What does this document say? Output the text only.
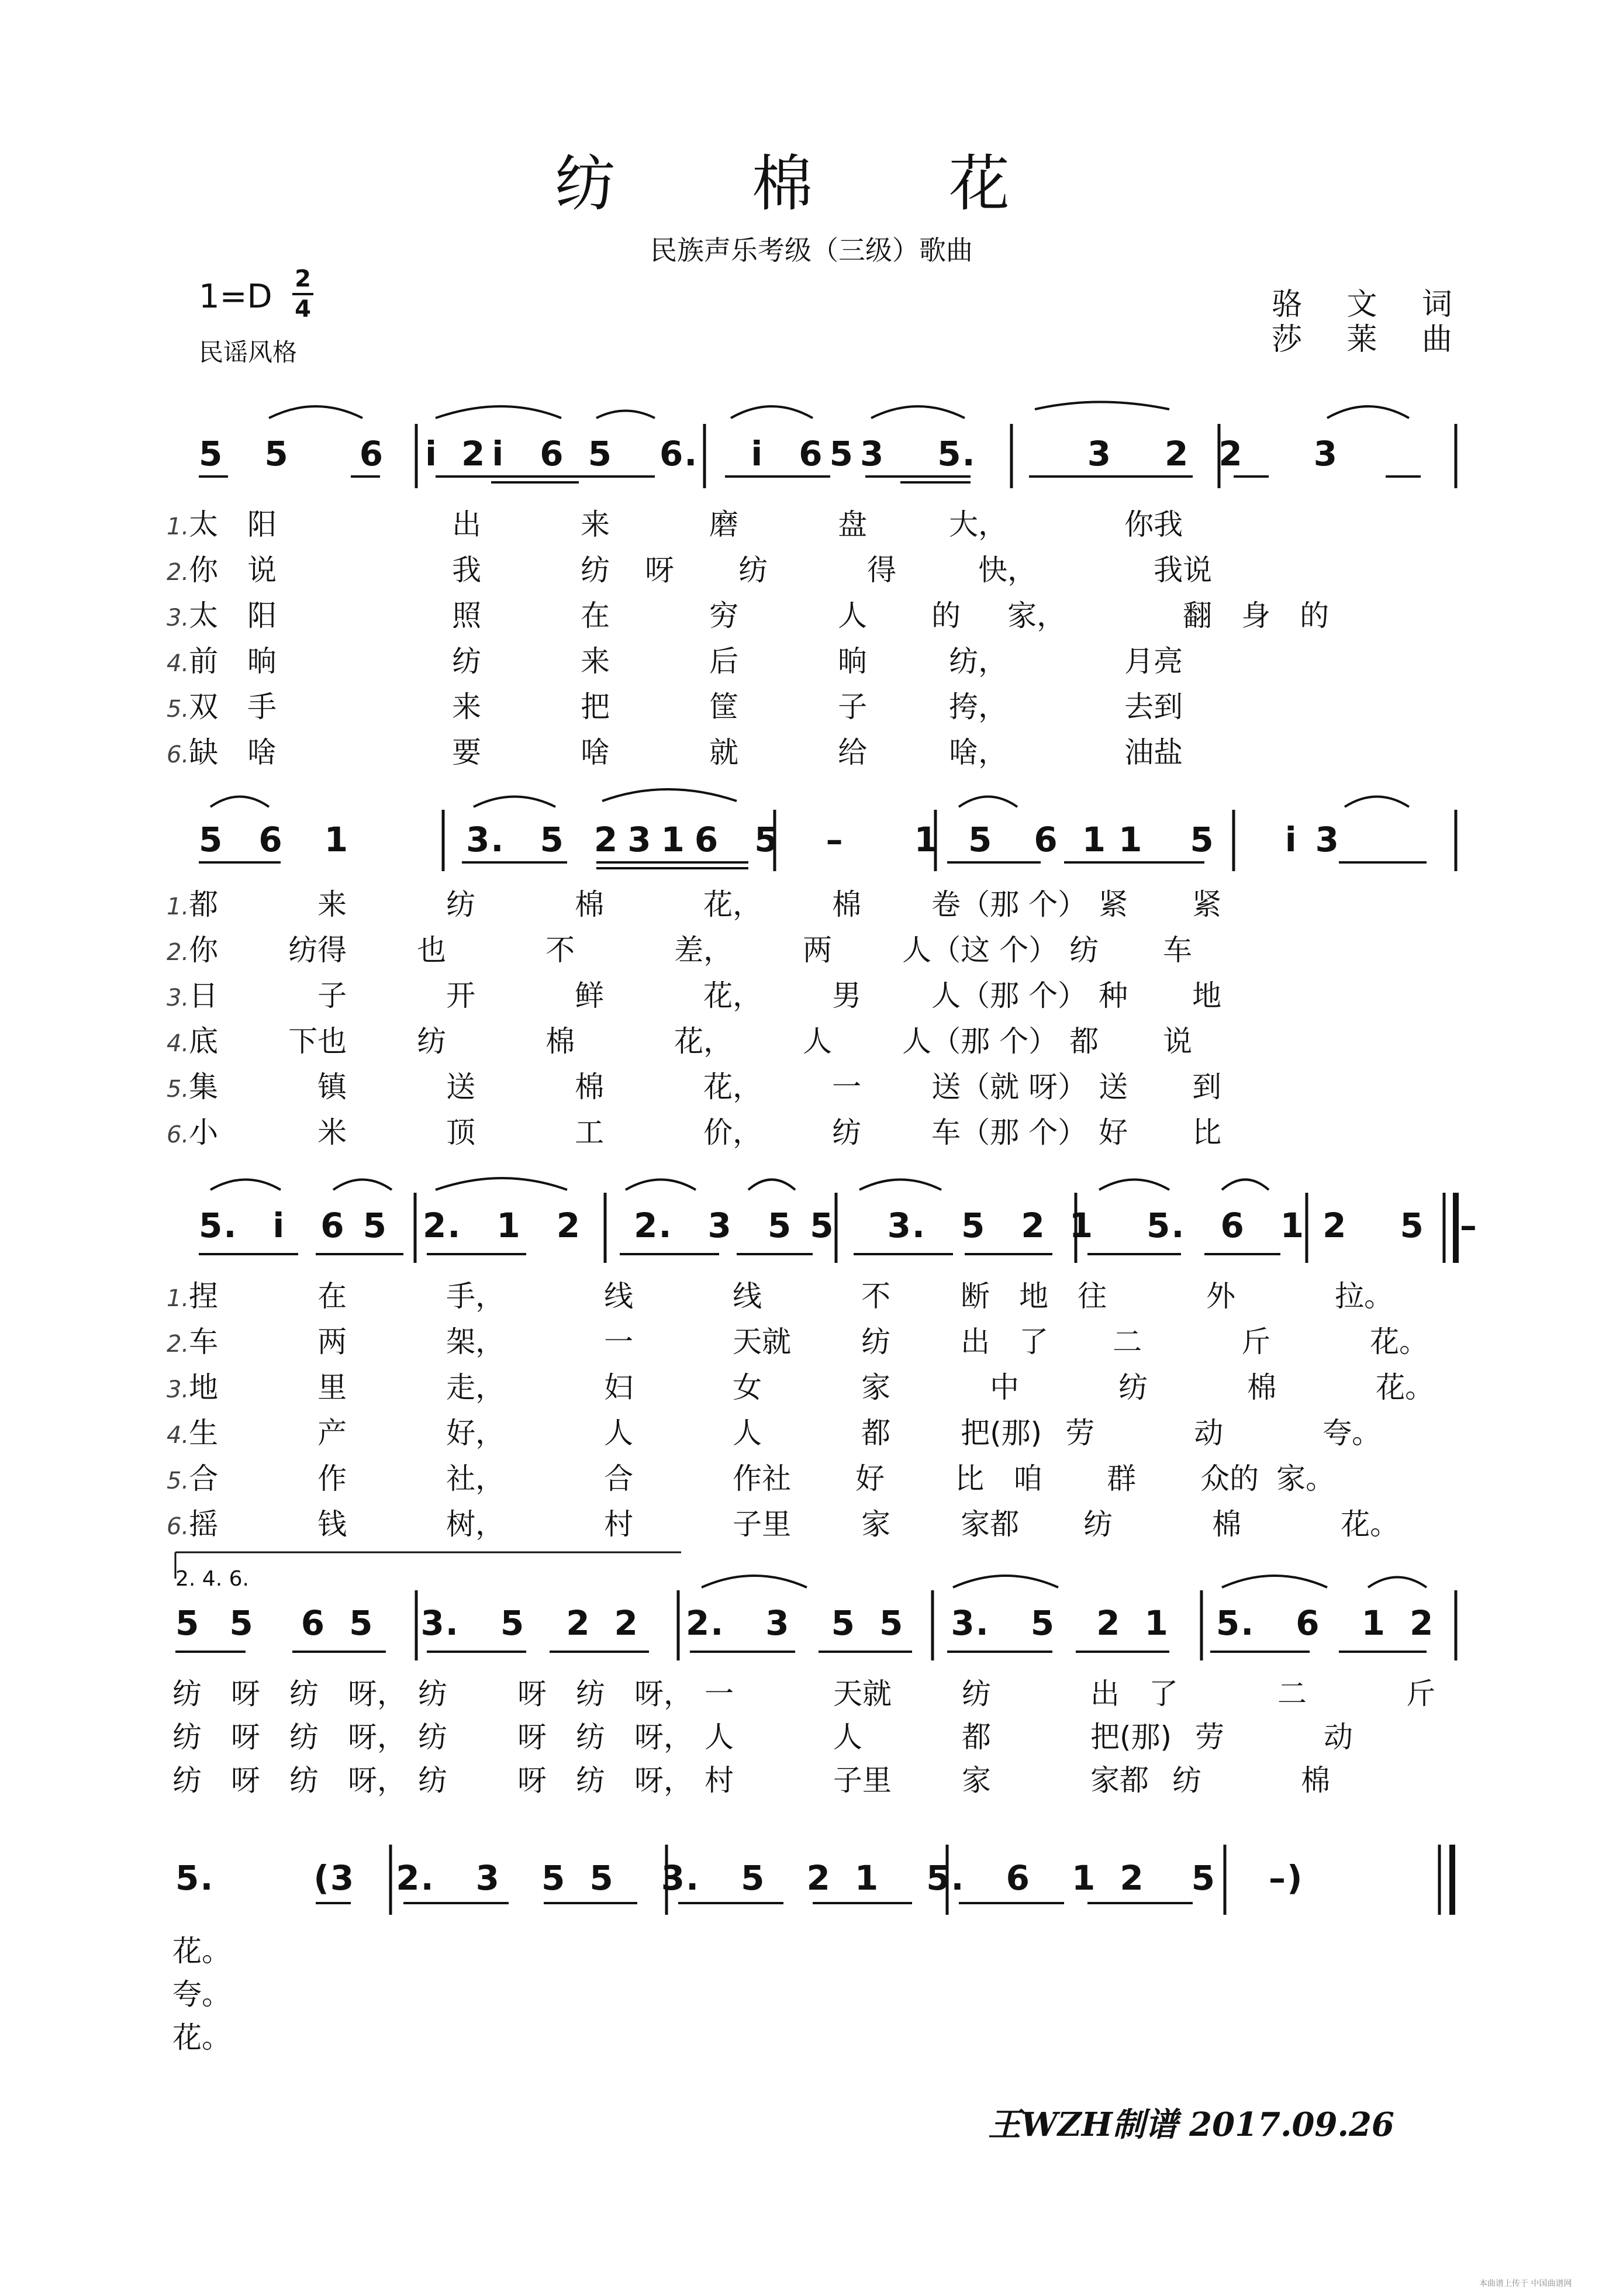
纺 棉 花
民族声乐考级（三级）歌曲
1=D 2
4
民谣风格
骆 文 词
莎 莱 曲
5 5 6 i 2 i 6 5 6. i 6 5 3 5.	3 2 2 3
1.太 阳	出	来	磨	盘	大，	你我
2.你 说	我	纺 呀 纺	得	快，	我说
3.太 阳	照	在	穷	人 的 家，	翻 身 的
4.前 晌	纺	来	后	晌	纺，	月亮
5.双 手	来	把	筐	子	挎，	去到
6.缺 啥	要	啥	就	给	啥，	油盐
5 6 1	3. 5 2 3 1 6 5 – 1 5 6 1 1 5 i 3
1.都	来	纺	棉	花， 棉 卷（那 个） 紧 紧
2.你 纺得 也	不	差， 两 人（这 个） 纺 车
3.日	子	开	鲜	花， 男 人（那 个） 种 地
4.底 下也 纺	棉	花， 人 人（那 个） 都 说
5.集	镇	送	棉	花， 一 送（就 呀） 送 到
6.小	米	顶	工	价， 纺 车（那 个） 好 比
5. i 6 5 2. 1 2 2. 3 5 5 3. 5 2 1 5. 6 1 2 5 –
1.捏	在	手，	线	线	不 断 地 往	外	拉。
2.车	两	架，	一	天就 纺 出 了 二	斤	花。
3.地	里	走，	妇	女	家	中	纺	棉	花。
4.生	产	好，	人	人	都 把(那) 劳	动	夸。
5.合	作	社，	合	作社 好 比 咱 群 众的 家。
6.摇	钱	树，	村	子里 家 家都 纺	棉	花。
2. 4. 6.
5 5 6 5 3. 5 2 2 2. 3 5 5 3. 5 2 1 5. 6 1 2
纺 呀 纺 呀， 纺 呀 纺 呀， 一	天就 纺	出 了	二	斤
纺 呀 纺 呀， 纺 呀 纺 呀， 人	人	都	把(那) 劳	动
纺 呀 纺 呀， 纺 呀 纺 呀， 村	子里 家	家都 纺	棉
5.	(3 2. 3 5 5 3. 5 2 1 5. 6 1 2 5 –)
花。
夸。
花。
王WZH制谱 2017.09.26
本曲谱上传于 中国曲谱网
